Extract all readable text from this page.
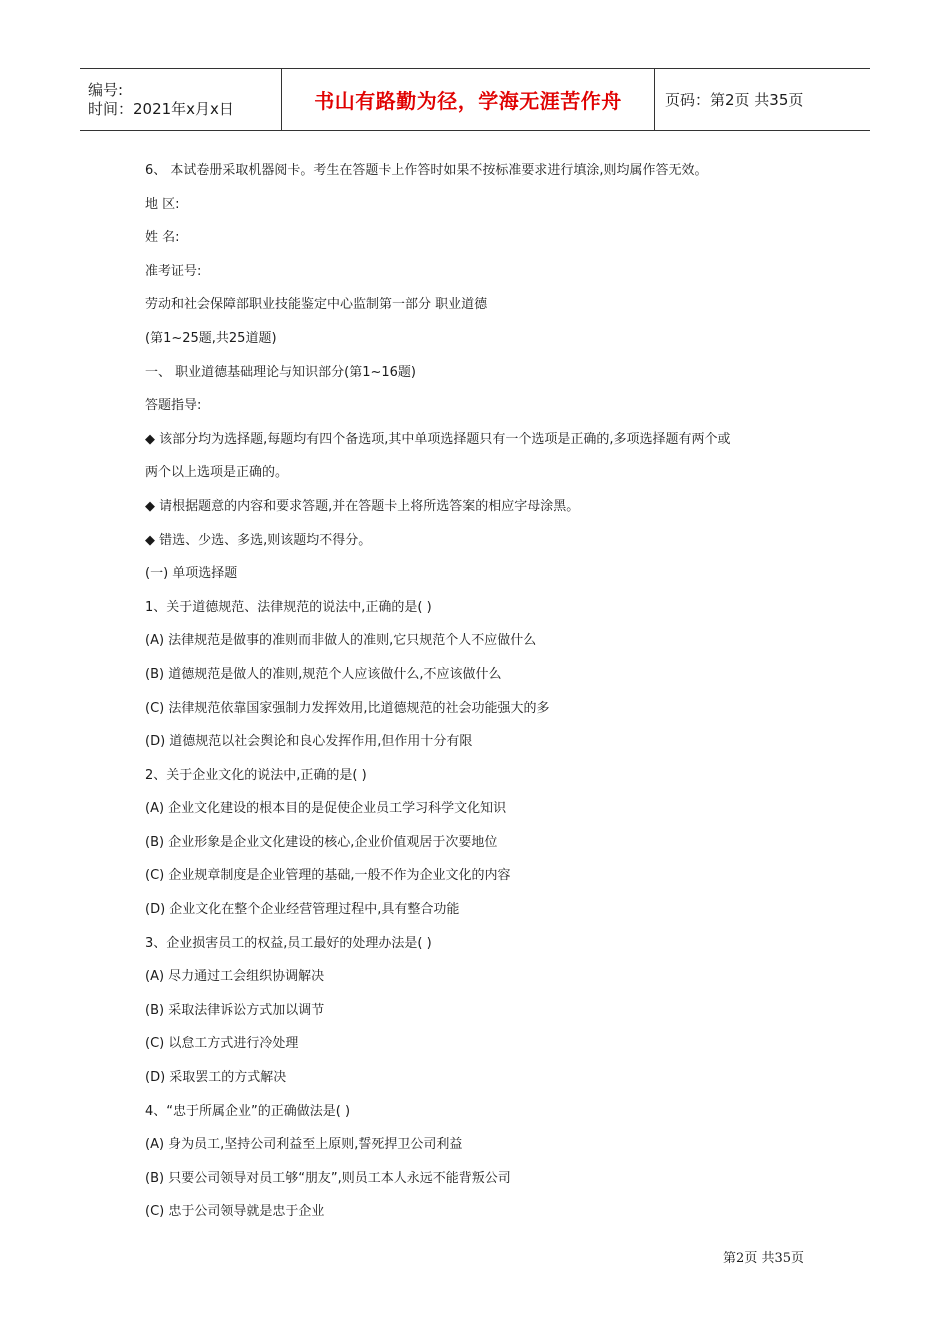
编号:
时间：2021年x月x日	书山有路勤为径，学海无涯苦作舟	页码：第2页 共35页
6、 本试卷册采取机器阅卡。考生在答题卡上作答时如果不按标准要求进行填涂,则均属作答无效。
地 区:
姓 名:
准考证号:
劳动和社会保障部职业技能鉴定中心监制第一部分 职业道德
(第1~25题,共25道题)
一、 职业道德基础理论与知识部分(第1~16题)
答题指导:
◆ 该部分均为选择题,每题均有四个备选项,其中单项选择题只有一个选项是正确的,多项选择题有两个或
两个以上选项是正确的。
◆ 请根据题意的内容和要求答题,并在答题卡上将所选答案的相应字母涂黑。
◆ 错选、少选、多选,则该题均不得分。
(一) 单项选择题
1、关于道德规范、法律规范的说法中,正确的是( )
(A) 法律规范是做事的准则而非做人的准则,它只规范个人不应做什么
(B) 道德规范是做人的准则,规范个人应该做什么,不应该做什么
(C) 法律规范依靠国家强制力发挥效用,比道德规范的社会功能强大的多
(D) 道德规范以社会舆论和良心发挥作用,但作用十分有限
2、关于企业文化的说法中,正确的是( )
(A) 企业文化建设的根本目的是促使企业员工学习科学文化知识
(B) 企业形象是企业文化建设的核心,企业价值观居于次要地位
(C) 企业规章制度是企业管理的基础,一般不作为企业文化的内容
(D) 企业文化在整个企业经营管理过程中,具有整合功能
3、企业损害员工的权益,员工最好的处理办法是( )
(A) 尽力通过工会组织协调解决
(B) 采取法律诉讼方式加以调节
(C) 以怠工方式进行冷处理
(D) 采取罢工的方式解决
4、“忠于所属企业”的正确做法是( )
(A) 身为员工,坚持公司利益至上原则,誓死捍卫公司利益
(B) 只要公司领导对员工够“朋友”,则员工本人永远不能背叛公司
(C) 忠于公司领导就是忠于企业
第2页 共35页
